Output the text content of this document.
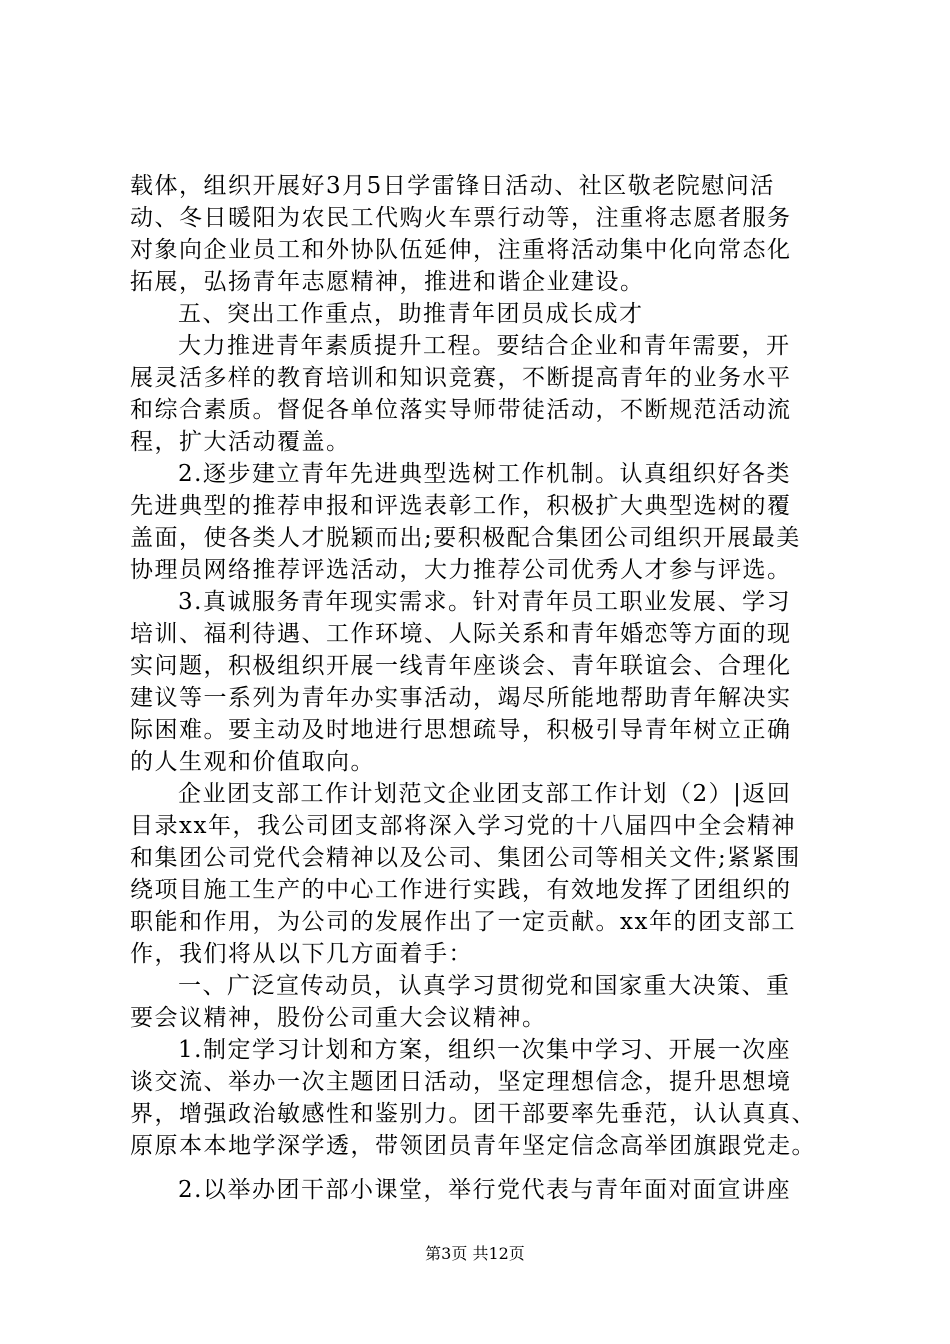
载体，组织开展好3月5日学雷锋日活动、社区敬老院慰问活
动、冬日暖阳为农民工代购火车票行动等，注重将志愿者服务
对象向企业员工和外协队伍延伸，注重将活动集中化向常态化
拓展，弘扬青年志愿精神，推进和谐企业建设。
五、突出工作重点，助推青年团员成长成才
大力推进青年素质提升工程。要结合企业和青年需要，开
展灵活多样的教育培训和知识竞赛，不断提高青年的业务水平
和综合素质。督促各单位落实导师带徒活动，不断规范活动流
程，扩大活动覆盖。
2.逐步建立青年先进典型选树工作机制。认真组织好各类
先进典型的推荐申报和评选表彰工作，积极扩大典型选树的覆
盖面，使各类人才脱颖而出;要积极配合集团公司组织开展最美
协理员网络推荐评选活动，大力推荐公司优秀人才参与评选。
3.真诚服务青年现实需求。针对青年员工职业发展、学习
培训、福利待遇、工作环境、人际关系和青年婚恋等方面的现
实问题，积极组织开展一线青年座谈会、青年联谊会、合理化
建议等一系列为青年办实事活动，竭尽所能地帮助青年解决实
际困难。要主动及时地进行思想疏导，积极引导青年树立正确
的人生观和价值取向。
企业团支部工作计划范文企业团支部工作计划（2）|返回
目录xx年，我公司团支部将深入学习党的十八届四中全会精神
和集团公司党代会精神以及公司、集团公司等相关文件;紧紧围
绕项目施工生产的中心工作进行实践，有效地发挥了团组织的
职能和作用，为公司的发展作出了一定贡献。xx年的团支部工
作，我们将从以下几方面着手：
一、广泛宣传动员，认真学习贯彻党和国家重大决策、重
要会议精神，股份公司重大会议精神。
1.制定学习计划和方案，组织一次集中学习、开展一次座
谈交流、举办一次主题团日活动，坚定理想信念，提升思想境
界，增强政治敏感性和鉴别力。团干部要率先垂范，认认真真、
原原本本地学深学透，带领团员青年坚定信念高举团旗跟党走。
2.以举办团干部小课堂，举行党代表与青年面对面宣讲座
第3页 共12页
